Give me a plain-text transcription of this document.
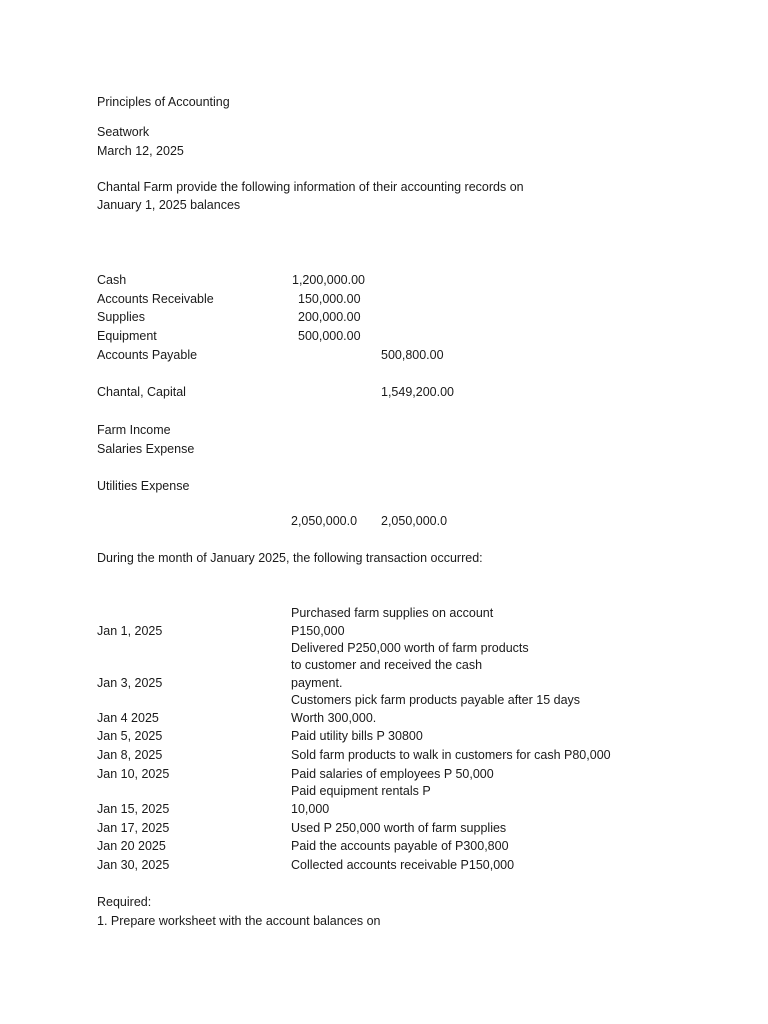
Principles of Accounting
Seatwork
March 12, 2025
Chantal Farm provide the following information of their accounting records on
January 1, 2025 balances
Cash
Accounts Receivable
Supplies
Equipment
Accounts Payable
Chantal, Capital
Farm Income
Salaries Expense
Utilities Expense
1,200,000.00
150,000.00
200,000.00
500,000.00
500,800.00
1,549,200.00
2,050,000.0 2,050,000.0
During the month of January 2025, the following transaction occurred:
Jan 1, 2025
Jan 3, 2025
Jan 4 2025
Jan 5, 2025
Jan 8, 2025
Jan 10, 2025
Jan 15, 2025
Jan 17, 2025
Jan 20 2025
Jan 30, 2025
Purchased farm supplies on account
P150,000
Delivered P250,000 worth of farm products
to customer and received the cash
payment.
Customers pick farm products payable after 15 days
Worth 300,000.
Paid utility bills P 30800
Sold farm products to walk in customers for cash P80,000
Paid salaries of employees P 50,000
Paid equipment rentals P
10,000
Used P 250,000 worth of farm supplies
Paid the accounts payable of P300,800
Collected accounts receivable P150,000
Required:
1. Prepare worksheet with the account balances on
